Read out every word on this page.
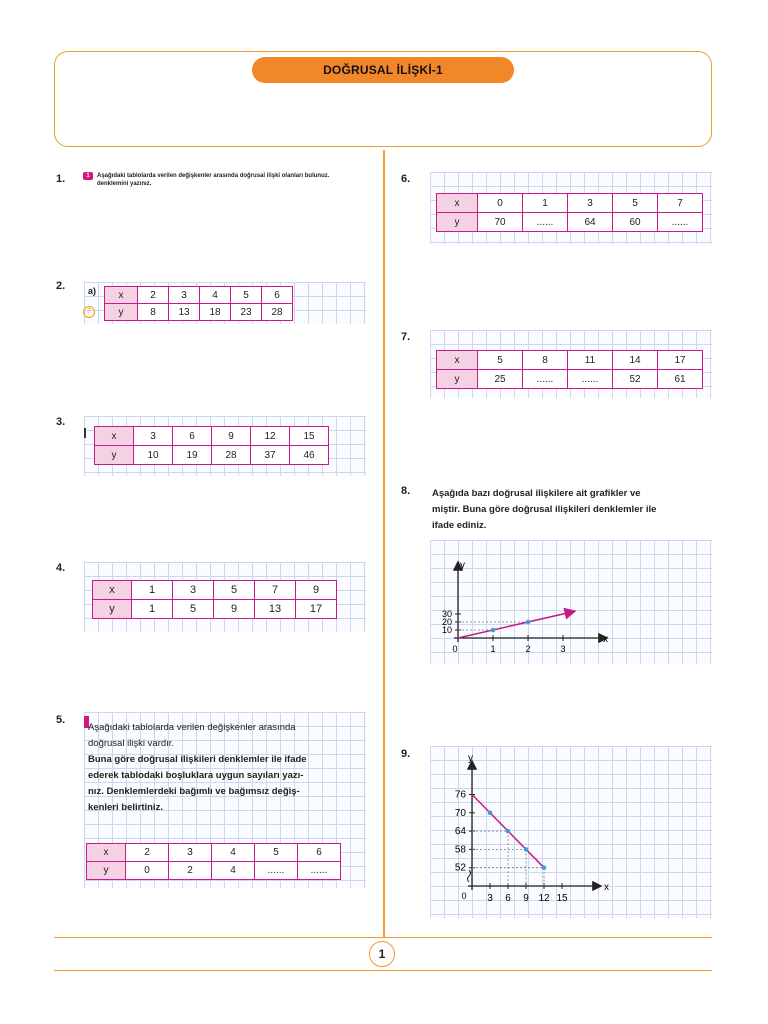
DOĞRUSAL İLİŞKİ-1
1.	1	Aşağıdaki tablolarda verilen değişkenler arasında doğrusal ilişki olanları bulunuz.
denklemini yazınız.
2.	a)
?
x	2	3	4	5	6
y	8	13	18	23	28
3.
x	3	6	9	12	15
y	10	19	28	37	46
4.
x	1	3	5	7	9
y	1	5	9	13	17
5.
Aşağıdaki tablolarda verilen değişkenler arasında
doğrusal ilişki vardır.
Buna göre doğrusal ilişkileri denklemler ile ifade
ederek tablodaki boşluklara uygun sayıları yazı-
nız. Denklemlerdeki bağımlı ve bağımsız değiş-
kenleri belirtiniz.
x	2	3	4	5	6
y	0	2	4	......	......
6.
x	0	1	3	5	7
y	70	......	64	60	......
7.
x	5	8	11	14	17
y	25	......	......	52	61
8. Aşağıda bazı doğrusal ilişkilere ait grafikler ve
miştir. Buna göre doğrusal ilişkileri denklemler ile
ifade ediniz.
x
y
0	1	2	3
10
20
30
9.
x
y
0 3 6 9 12 15
76
70
64
58
52
1
